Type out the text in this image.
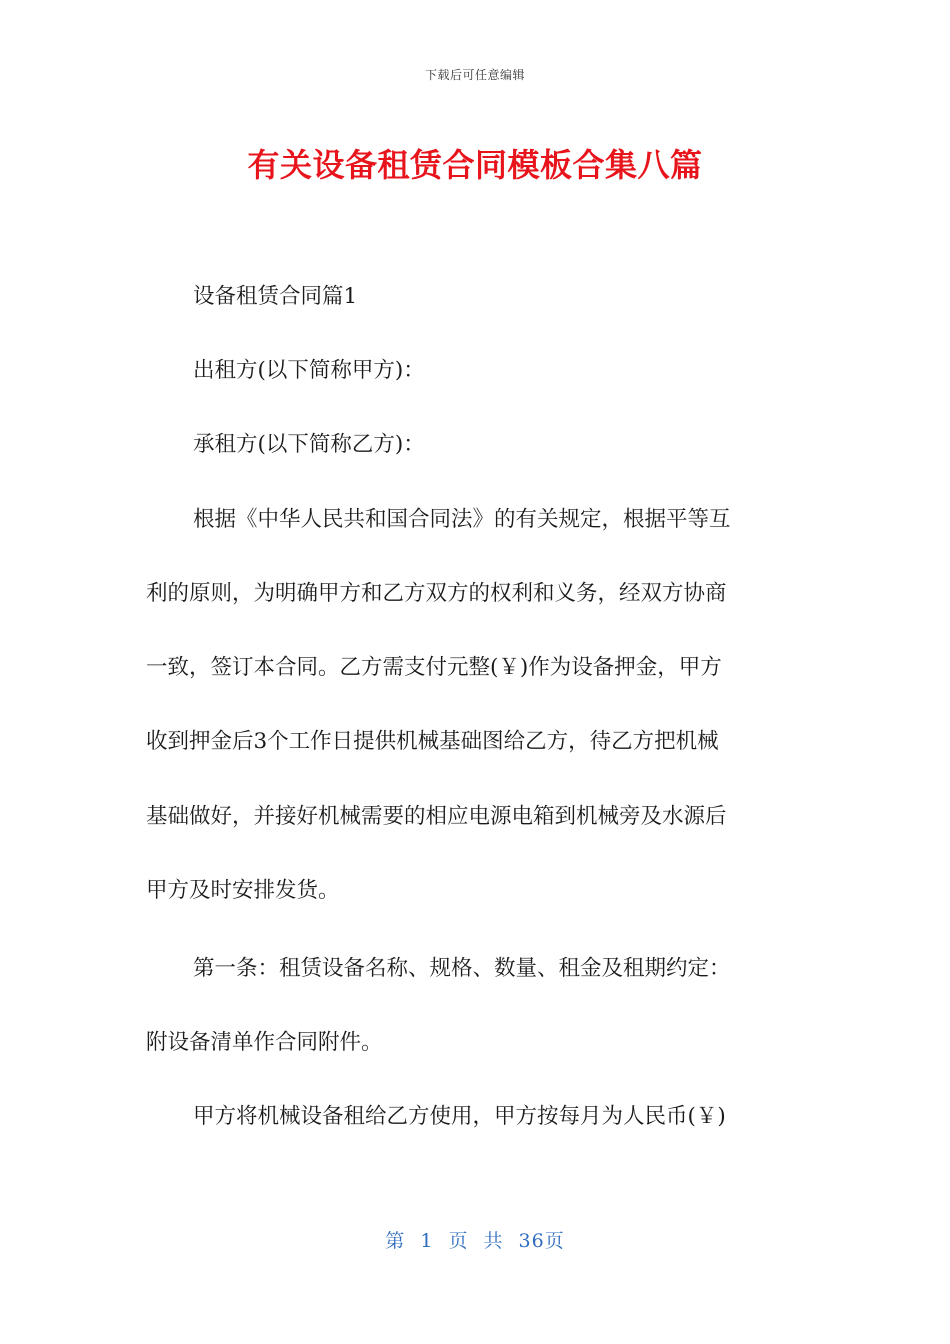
下载后可任意编辑
有关设备租赁合同模板合集八篇
设备租赁合同篇1
出租方(以下简称甲方)：
承租方(以下简称乙方)：
根据《中华人民共和国合同法》的有关规定，根据平等互
利的原则，为明确甲方和乙方双方的权利和义务，经双方协商
一致，签订本合同。乙方需支付元整(￥)作为设备押金，甲方
收到押金后3个工作日提供机械基础图给乙方，待乙方把机械
基础做好，并接好机械需要的相应电源电箱到机械旁及水源后
甲方及时安排发货。
第一条：租赁设备名称、规格、数量、租金及租期约定：
附设备清单作合同附件。
甲方将机械设备租给乙方使用，甲方按每月为人民币(￥)
第 1 页 共 36页
